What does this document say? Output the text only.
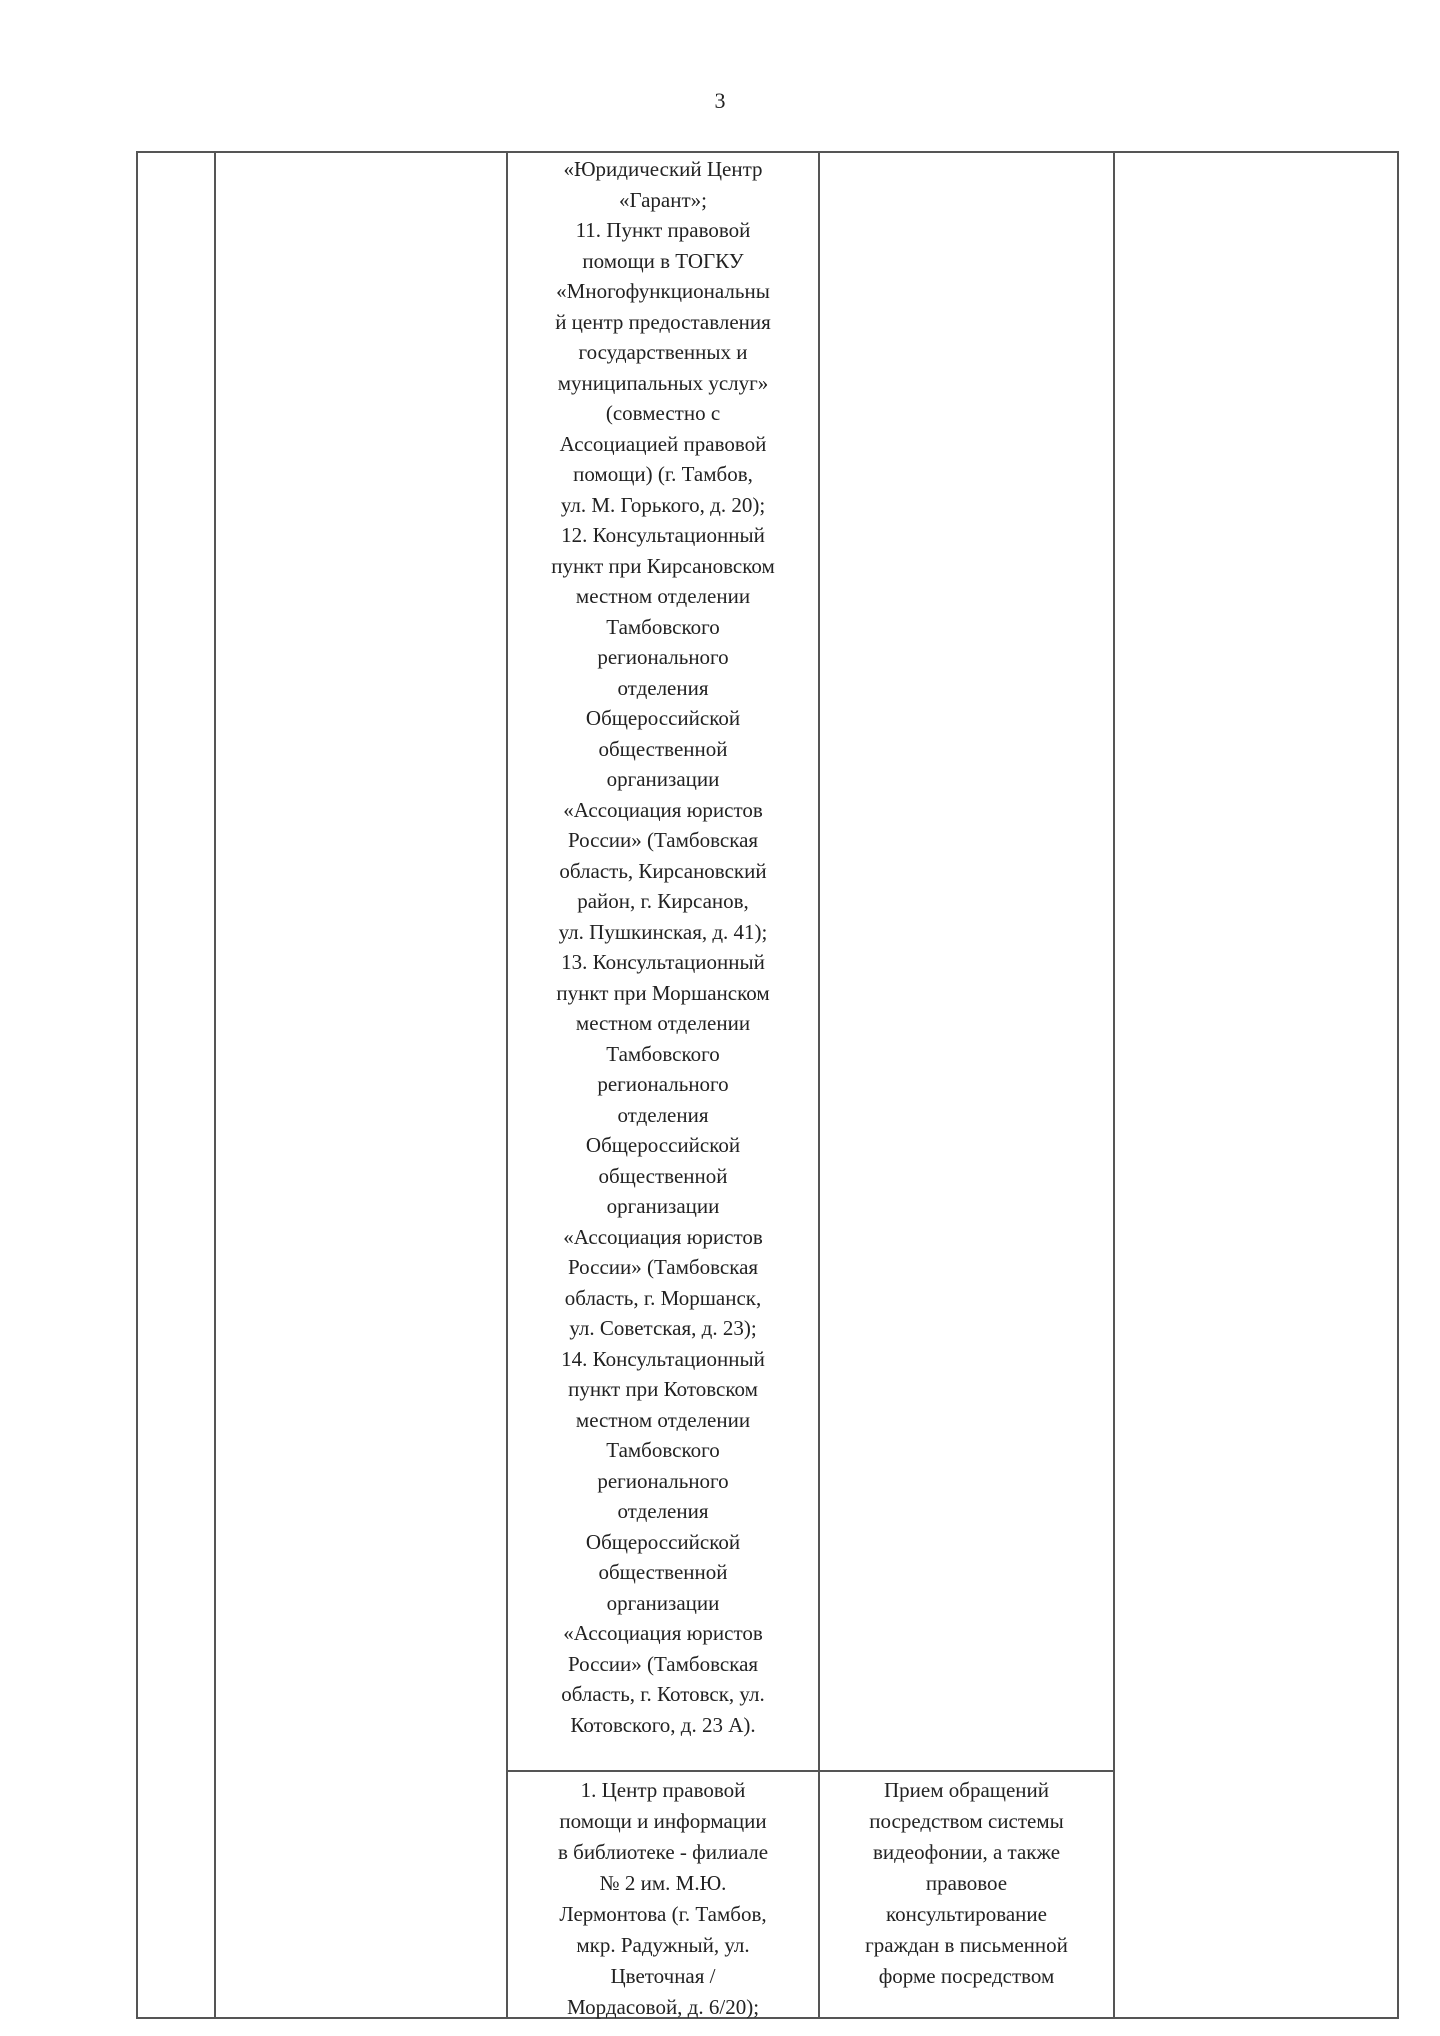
3
«Юридический Центр
«Гарант»;
11. Пункт правовой
помощи в ТОГКУ
«Многофункциональны
й центр предоставления
государственных и
муниципальных услуг»
(совместно с
Ассоциацией правовой
помощи) (г. Тамбов,
ул. М. Горького, д. 20);
12. Консультационный
пункт при Кирсановском
местном отделении
Тамбовского
регионального
отделения
Общероссийской
общественной
организации
«Ассоциация юристов
России» (Тамбовская
область, Кирсановский
район, г. Кирсанов,
ул. Пушкинская, д. 41);
13. Консультационный
пункт при Моршанском
местном отделении
Тамбовского
регионального
отделения
Общероссийской
общественной
организации
«Ассоциация юристов
России» (Тамбовская
область, г. Моршанск,
ул. Советская, д. 23);
14. Консультационный
пункт при Котовском
местном отделении
Тамбовского
регионального
отделения
Общероссийской
общественной
организации
«Ассоциация юристов
России» (Тамбовская
область, г. Котовск, ул.
Котовского, д. 23 А).
1. Центр правовой
помощи и информации
в библиотеке - филиале
№ 2 им. М.Ю.
Лермонтова (г. Тамбов,
мкр. Радужный, ул.
Цветочная /
Мордасовой, д. 6/20);
Прием обращений
посредством системы
видеофонии, а также
правовое
консультирование
граждан в письменной
форме посредством
